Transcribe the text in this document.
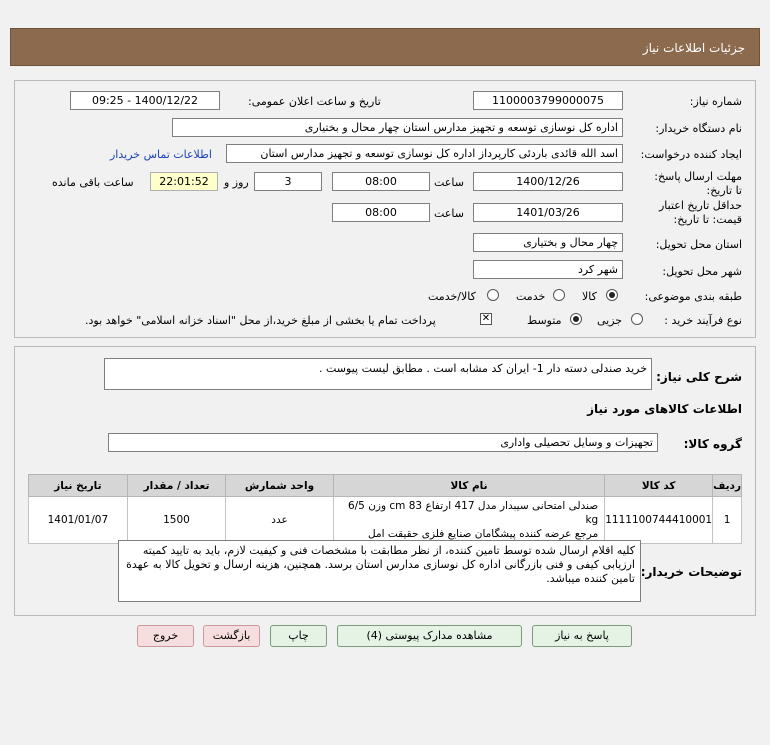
جزئیات اطلاعات نیاز
شماره نیاز:
1100003799000075
تاریخ و ساعت اعلان عمومی:
1400/12/22 - 09:25
نام دستگاه خریدار:
اداره کل نوسازی توسعه و تجهیز مدارس استان چهار محال و بختیاری
ایجاد کننده درخواست:
اسد الله قائدی باردئی کارپرداز اداره کل نوسازی توسعه و تجهیز مدارس استان
اطلاعات تماس خریدار
مهلت ارسال پاسخ: تا تاریخ:
1400/12/26
ساعت
08:00
3
روز و
22:01:52
ساعت باقی مانده
حداقل تاریخ اعتبار قیمت: تا تاریخ:
1401/03/26
ساعت
08:00
استان محل تحویل:
چهار محال و بختیاری
شهر محل تحویل:
شهر کرد
طبقه بندی موضوعی:
کالا
خدمت
کالا/خدمت
نوع فرآیند خرید :
جزیی
متوسط
✕
پرداخت تمام یا بخشی از مبلغ خرید،از محل "اسناد خزانه اسلامی" خواهد بود.
شرح کلی نیاز:
خرید صندلی دسته دار 1- ایران کد مشابه است . مطابق لیست پیوست .
اطلاعات کالاهای مورد نیاز
گروه کالا:
تجهیزات و وسایل تحصیلی واداری
ردیف	کد کالا	نام کالا	واحد شمارش	تعداد / مقدار	تاریخ نیاز
1	1111100744410001	صندلی امتحانی سیبدار مدل 417 ارتفاع 83 cm وزن 6/5 kg
مرجع عرضه کننده پیشگامان صنایع فلزی حقیقت امل	عدد	1500	1401/01/07
توضیحات خریدار:
کلیه اقلام ارسال شده توسط تامین کننده، از نظر مطابقت با مشخصات فنی و کیفیت لازم، باید به تایید کمیته ارزیابی کیفی و فنی بازرگانی اداره کل نوسازی مدارس استان برسد. همچنین، هزینه ارسال و تحویل کالا به عهدة تامین کننده میباشد.
پاسخ به نیاز
مشاهده مدارک پیوستی (4)
چاپ
بازگشت
خروج
